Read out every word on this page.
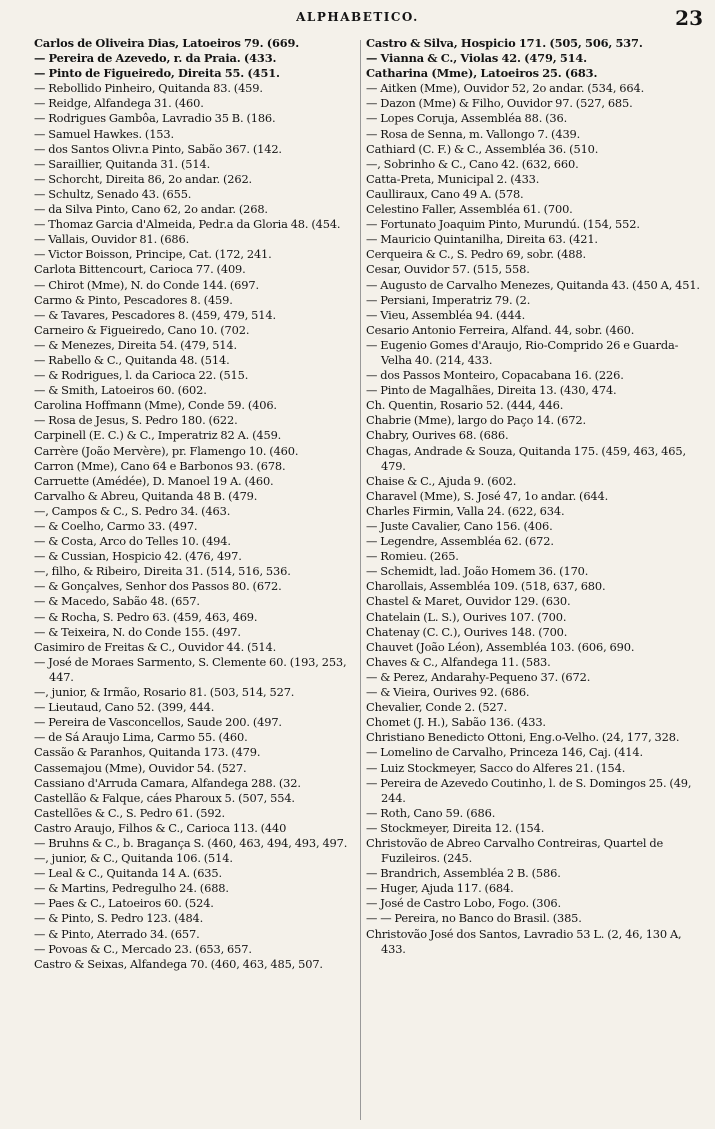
ALPHABETICO.	23

Carlos de Oliveira Dias, Latoeiros 79. (669.

— Pereira de Azevedo, r. da Praia. (433.

— Pinto de Figueiredo, Direita 55. (451.

— Rebollido Pinheiro, Quitanda 83. (459.

— Reidge, Alfandega 31. (460.

— Rodrigues Gambôa, Lavradio 35 B. (186.

— Samuel Hawkes. (153.

— dos Santos Olivr.a Pinto, Sabão 367. (142.

— Saraillier, Quitanda 31. (514.

— Schorcht, Direita 86, 2o andar. (262.

— Schultz, Senado 43. (655.

— da Silva Pinto, Cano 62, 2o andar. (268.

— Thomaz Garcia d'Almeida, Pedr.a da Gloria 48. (454.

— Vallais, Ouvidor 81. (686.

— Victor Boisson, Principe, Cat. (172, 241.

Carlota Bittencourt, Carioca 77. (409.

— Chirot (Mme), N. do Conde 144. (697.

Carmo & Pinto, Pescadores 8. (459.

— & Tavares, Pescadores 8. (459, 479, 514.

Carneiro & Figueiredo, Cano 10. (702.

— & Menezes, Direita 54. (479, 514.

— Rabello & C., Quitanda 48. (514.

— & Rodrigues, l. da Carioca 22. (515.

— & Smith, Latoeiros 60. (602.

Carolina Hoffmann (Mme), Conde 59. (406.

— Rosa de Jesus, S. Pedro 180. (622.

Carpinell (E. C.) & C., Imperatriz 82 A. (459.

Carrère (João Mervère), pr. Flamengo 10. (460.

Carron (Mme), Cano 64 e Barbonos 93. (678.

Carruette (Amédée), D. Manoel 19 A. (460.

Carvalho & Abreu, Quitanda 48 B. (479.

—, Campos & C., S. Pedro 34. (463.

— & Coelho, Carmo 33. (497.

— & Costa, Arco do Telles 10. (494.

— & Cussian, Hospicio 42. (476, 497.

—, filho, & Ribeiro, Direita 31. (514, 516, 536.

— & Gonçalves, Senhor dos Passos 80. (672.

— & Macedo, Sabão 48. (657.

— & Rocha, S. Pedro 63. (459, 463, 469.

— & Teixeira, N. do Conde 155. (497.

Casimiro de Freitas & C., Ouvidor 44. (514.

— José de Moraes Sarmento, S. Clemente 60. (193, 253, 447.

—, junior, & Irmão, Rosario 81. (503, 514, 527.

— Lieutaud, Cano 52. (399, 444.

— Pereira de Vasconcellos, Saude 200. (497.

— de Sá Araujo Lima, Carmo 55. (460.

Cassão & Paranhos, Quitanda 173. (479.

Cassemajou (Mme), Ouvidor 54. (527.

Cassiano d'Arruda Camara, Alfandega 288. (32.

Castellão & Falque, cáes Pharoux 5. (507, 554.

Castellões & C., S. Pedro 61. (592.

Castro Araujo, Filhos & C., Carioca 113. (440

— Bruhns & C., b. Bragança S. (460, 463, 494, 493, 497.

—, junior, & C., Quitanda 106. (514.

— Leal & C., Quitanda 14 A. (635.

— & Martins, Pedregulho 24. (688.

— Paes & C., Latoeiros 60. (524.

— & Pinto, S. Pedro 123. (484.

— & Pinto, Aterrado 34. (657.

— Povoas & C., Mercado 23. (653, 657.

Castro & Seixas, Alfandega 70. (460, 463, 485, 507.

Castro & Silva, Hospicio 171. (505, 506, 537.

— Vianna & C., Violas 42. (479, 514.

Catharina (Mme), Latoeiros 25. (683.

— Aitken (Mme), Ouvidor 52, 2o andar. (534, 664.

— Dazon (Mme) & Filho, Ouvidor 97. (527, 685.

— Lopes Coruja, Assembléa 88. (36.

— Rosa de Senna, m. Vallongo 7. (439.

Cathiard (C. F.) & C., Assembléa 36. (510.

—, Sobrinho & C., Cano 42. (632, 660.

Catta-Preta, Municipal 2. (433.

Caulliraux, Cano 49 A. (578.

Celestino Faller, Assembléa 61. (700.

— Fortunato Joaquim Pinto, Murundú. (154, 552.

— Mauricio Quintanilha, Direita 63. (421.

Cerqueira & C., S. Pedro 69, sobr. (488.

Cesar, Ouvidor 57. (515, 558.

— Augusto de Carvalho Menezes, Quitanda 43. (450 A, 451.

— Persiani, Imperatriz 79. (2.

— Vieu, Assembléa 94. (444.

Cesario Antonio Ferreira, Alfand. 44, sobr. (460.

— Eugenio Gomes d'Araujo, Rio-Comprido 26 e Guarda-Velha 40. (214, 433.

— dos Passos Monteiro, Copacabana 16. (226.

— Pinto de Magalhães, Direita 13. (430, 474.

Ch. Quentin, Rosario 52. (444, 446.

Chabrie (Mme), largo do Paço 14. (672.

Chabry, Ourives 68. (686.

Chagas, Andrade & Souza, Quitanda 175. (459, 463, 465, 479.

Chaise & C., Ajuda 9. (602.

Charavel (Mme), S. José 47, 1o andar. (644.

Charles Firmin, Valla 24. (622, 634.

— Juste Cavalier, Cano 156. (406.

— Legendre, Assembléa 62. (672.

— Romieu. (265.

— Schemidt, lad. João Homem 36. (170.

Charollais, Assembléa 109. (518, 637, 680.

Chastel & Maret, Ouvidor 129. (630.

Chatelain (L. S.), Ourives 107. (700.

Chatenay (C. C.), Ourives 148. (700.

Chauvet (João Léon), Assembléa 103. (606, 690.

Chaves & C., Alfandega 11. (583.

— & Perez, Andarahy-Pequeno 37. (672.

— & Vieira, Ourives 92. (686.

Chevalier, Conde 2. (527.

Chomet (J. H.), Sabão 136. (433.

Christiano Benedicto Ottoni, Eng.o-Velho. (24, 177, 328.

— Lomelino de Carvalho, Princeza 146, Caj. (414.

— Luiz Stockmeyer, Sacco do Alferes 21. (154.

— Pereira de Azevedo Coutinho, l. de S. Domingos 25. (49, 244.

— Roth, Cano 59. (686.

— Stockmeyer, Direita 12. (154.

Christovão de Abreo Carvalho Contreiras, Quartel de Fuzileiros. (245.

— Brandrich, Assembléa 2 B. (586.

— Huger, Ajuda 117. (684.

— José de Castro Lobo, Fogo. (306.

— — Pereira, no Banco do Brasil. (385.

Christovão José dos Santos, Lavradio 53 L. (2, 46, 130 A, 433.
